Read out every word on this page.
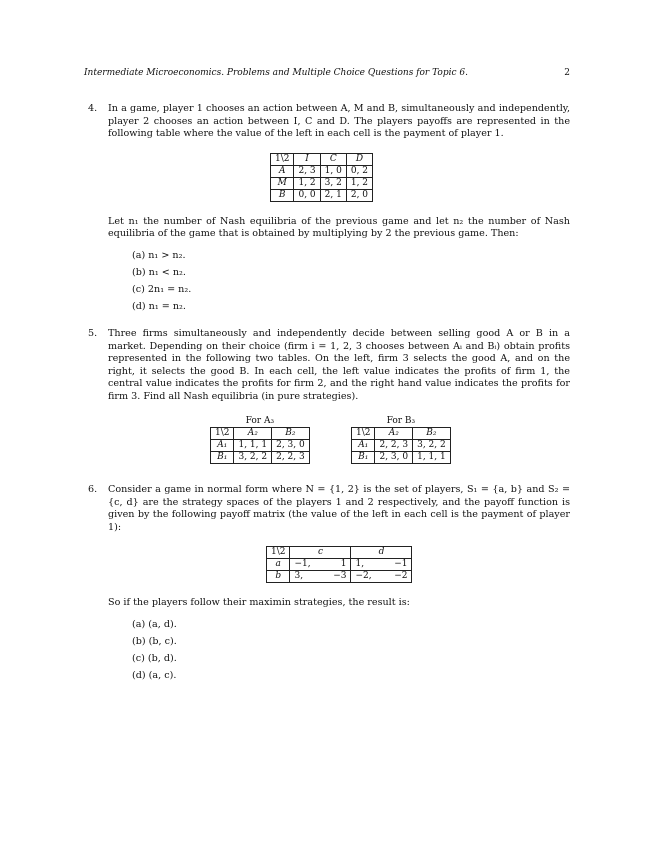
Intermediate Microeconomics. Problems and Multiple Choice Questions for Topic 6.	2
4. In a game, player 1 chooses an action between A, M and B, simultaneously and independently, player 2 chooses an action between I, C and D. The players payoffs are represented in the following table where the value of the left in each cell is the payment of player 1.

1\2	I	C	D
A	2, 3	1, 0	0, 2
M	1, 2	3, 2	1, 2
B	0, 0	2, 1	2, 0

Let n₁ the number of Nash equilibria of the previous game and let n₂ the number of Nash equilibria of the game that is obtained by multiplying by 2 the previous game. Then:

(a) n₁ > n₂.
(b) n₁ < n₂.
(c) 2n₁ = n₂.
(d) n₁ = n₂.
5. Three firms simultaneously and independently decide between selling good A or B in a market. Depending on their choice (firm i = 1, 2, 3 chooses between Aᵢ and Bᵢ) obtain profits represented in the following two tables. On the left, firm 3 selects the good A, and on the right, it selects the good B. In each cell, the left value indicates the profits of firm 1, the central value indicates the profits for firm 2, and the right hand value indicates the profits for firm 3. Find all Nash equilibria (in pure strategies).

For A₃
1\2	A₂	B₂
A₁	1, 1, 1	2, 3, 0
B₁	3, 2, 2	2, 2, 3
For B₃
1\2	A₂	B₂
A₁	2, 2, 3	3, 2, 2
B₁	2, 3, 0	1, 1, 1
6. Consider a game in normal form where N = {1, 2} is the set of players, S₁ = {a, b} and S₂ = {c, d} are the strategy spaces of the players 1 and 2 respectively, and the payoff function is given by the following payoff matrix (the value of the left in each cell is the payment of player 1):

1\2	c		d	
a	−1,	1	1,	−1
b	3,	−3	−2,	−2

So if the players follow their maximin strategies, the result is:

(a) (a, d).
(b) (b, c).
(c) (b, d).
(d) (a, c).
